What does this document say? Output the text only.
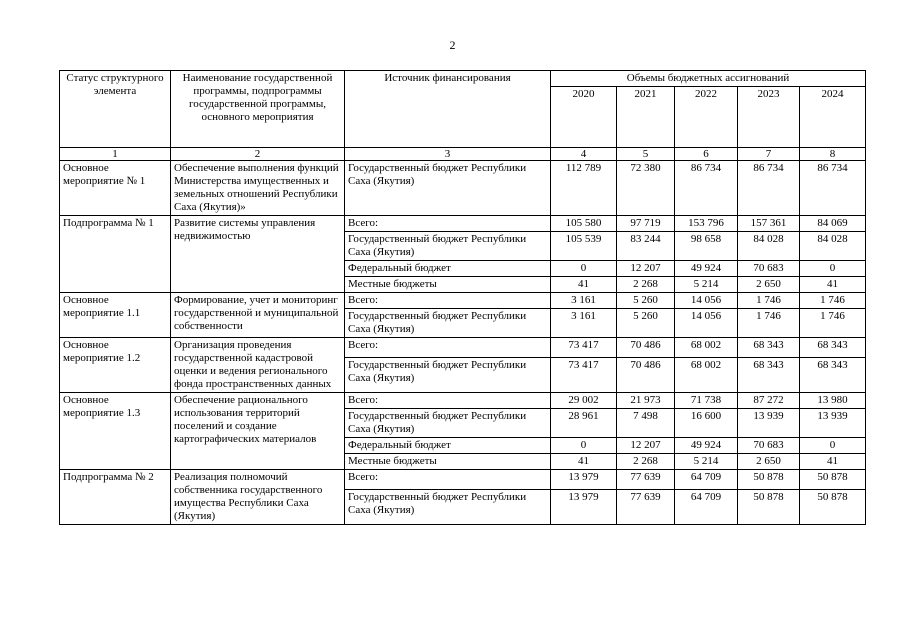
2
Статус структурного элемента	Наименование государственной программы, подпрограммы государственной программы, основного мероприятия	Источник финансирования	Объемы бюджетных ассигнований				
			2020	2021	2022	2023	2024
1	2	3	4	5	6	7	8
Основное мероприятие № 1	Обеспечение выполнения функций Министерства имущественных и земельных отношений Республики Саха (Якутия)»	Государственный бюджет Республики Саха (Якутия)	112 789	72 380	86 734	86 734	86 734
Подпрограмма № 1	Развитие системы управления недвижимостью	Всего:	105 580	97 719	153 796	157 361	84 069
		Государственный бюджет Республики Саха (Якутия)	105 539	83 244	98 658	84 028	84 028
		Федеральный бюджет	0	12 207	49 924	70 683	0
		Местные бюджеты	41	2 268	5 214	2 650	41
Основное мероприятие 1.1	Формирование, учет и мониторинг государственной и муниципальной собственности	Всего:	3 161	5 260	14 056	1 746	1 746
		Государственный бюджет Республики Саха (Якутия)	3 161	5 260	14 056	1 746	1 746
Основное мероприятие 1.2	Организация проведения государственной кадастровой оценки и ведения регионального фонда пространственных данных	Всего:	73 417	70 486	68 002	68 343	68 343
		Государственный бюджет Республики Саха (Якутия)	73 417	70 486	68 002	68 343	68 343
Основное мероприятие 1.3	Обеспечение рационального использования территорий поселений и создание картографических материалов	Всего:	29 002	21 973	71 738	87 272	13 980
		Государственный бюджет Республики Саха (Якутия)	28 961	7 498	16 600	13 939	13 939
		Федеральный бюджет	0	12 207	49 924	70 683	0
		Местные бюджеты	41	2 268	5 214	2 650	41
Подпрограмма № 2	Реализация полномочий собственника государственного имущества Республики Саха (Якутия)	Всего:	13 979	77 639	64 709	50 878	50 878
		Государственный бюджет Республики Саха (Якутия)	13 979	77 639	64 709	50 878	50 878
